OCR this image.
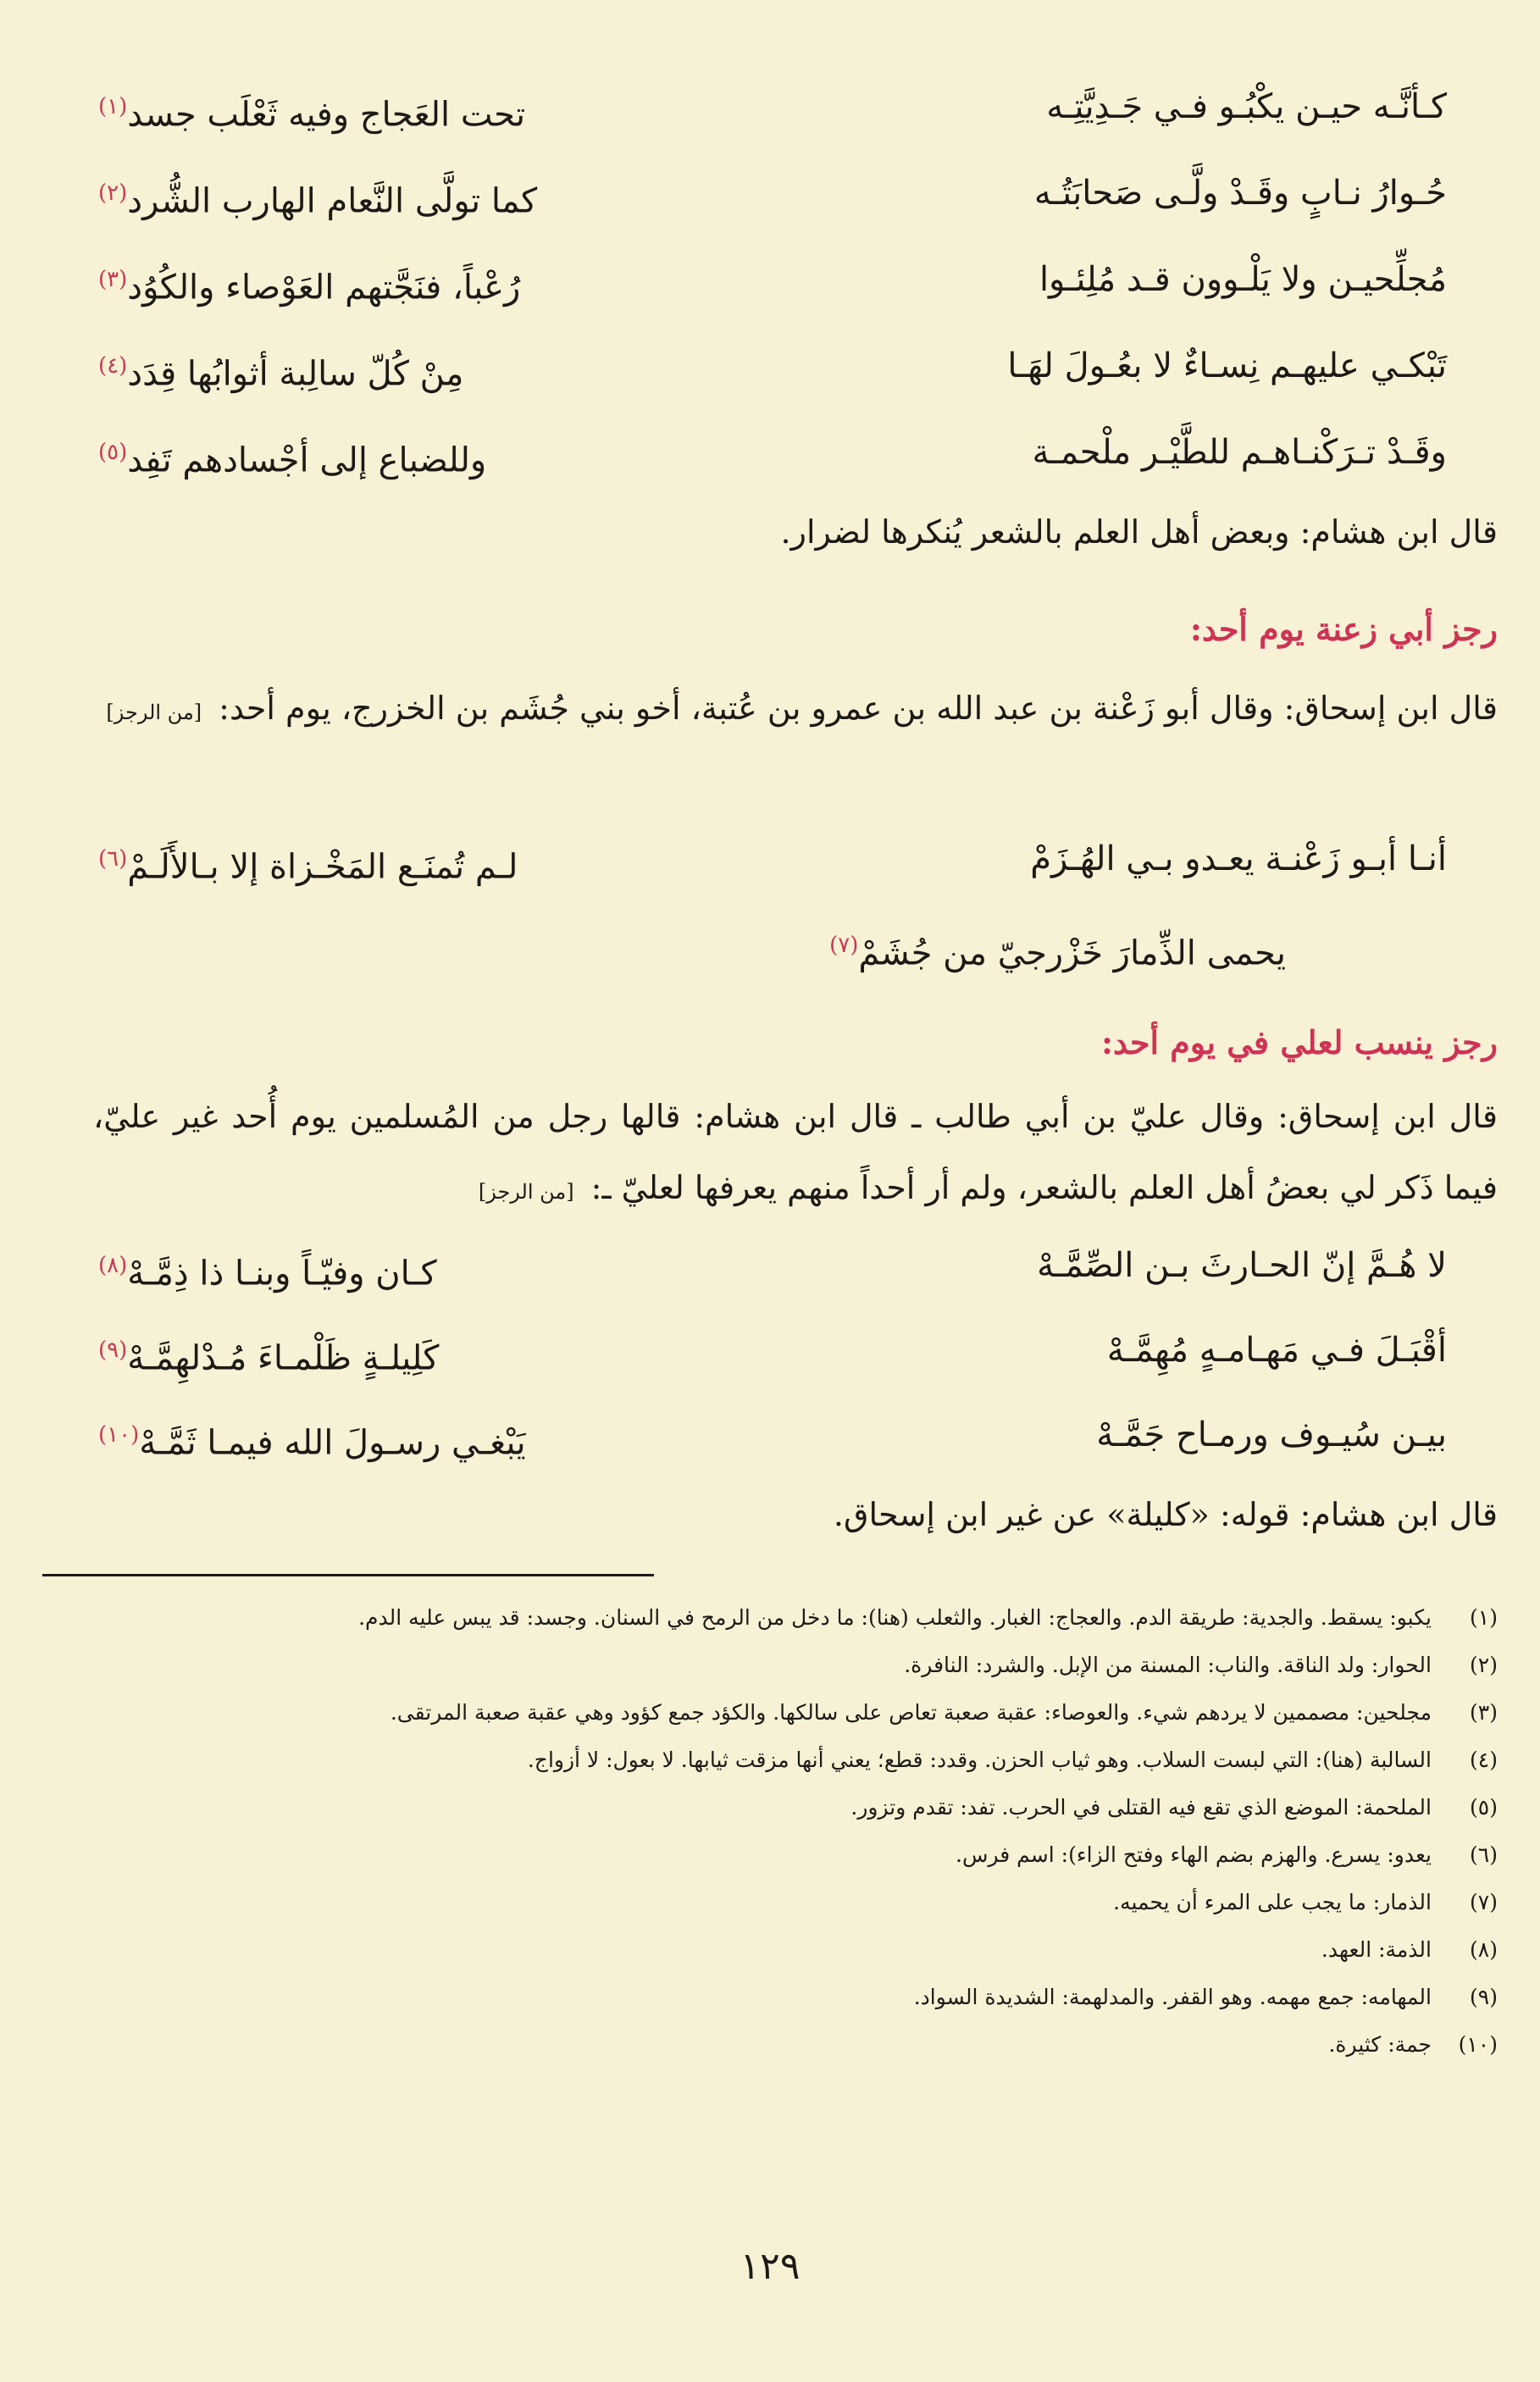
كـأنَّـه حيـن يكْبُـو فـي جَـدِيَّتِـه
تحت العَجاج وفيه ثَعْلَب جسد$^{(١)}$
حُـوارُ نـابٍ وقَـدْ ولَّـى صَحابَتُـه
كما تولَّى النَّعام الهارب الشُّرد$^{(٢)}$
مُجلِّحيـن ولا يَلْـوون قـد مُلِئـوا
رُعْباً، فنَجَّتهم العَوْصاء والكُوُد$^{(٣)}$
تَبْكـي عليهـم نِسـاءٌ لا بعُـولَ لهَـا
مِنْ كُلّ سالِبة أثوابُها قِدَد$^{(٤)}$
وقَـدْ تـرَكْنـاهـم للطَّيْـر ملْحمـة
وللضباع إلى أجْسادهم تَفِد$^{(٥)}$
قال ابن هشام: وبعض أهل العلم بالشعر يُنكرها لضرار.
رجز أبي زعنة يوم أحد:
قال ابن إسحاق: وقال أبو زَعْنة بن عبد الله بن عمرو بن عُتبة، أخو بني جُشَم بن الخزرج، يوم أحد:[من الرجز]
أنـا أبـو زَعْنـة يعـدو بـي الهُـزَمْ
لـم تُمنَـع المَخْـزاة إلا بـالأَلَـمْ$^{(٦)}$
يحمى الذِّمارَ خَزْرجيّ من جُشَمْ$^{(٧)}$
رجز ينسب لعلي في يوم أحد:
قال ابن إسحاق: وقال عليّ بن أبي طالب ـ قال ابن هشام: قالها رجل من المُسلمين يوم أُحد غير عليّ، فيما ذَكر لي بعضُ أهل العلم بالشعر، ولم أر أحداً منهم يعرفها لعليّ ـ:[من الرجز]
لا هُـمَّ إنّ الحـارثَ بـن الصِّمَّـهْ
كـان وفيّـاً وبنـا ذا ذِمَّـهْ$^{(٨)}$
أقْبَـلَ فـي مَهـامـهٍ مُهِمَّـهْ
كَلِيلـةٍ ظَلْمـاءَ مُـدْلهِمَّـهْ$^{(٩)}$
بيـن سُيـوف ورمـاح جَمَّـهْ
يَبْغـي رسـولَ الله فيمـا ثَمَّـهْ$^{(١٠)}$
قال ابن هشام: قوله: «كليلة» عن غير ابن إسحاق.
(١)
يكبو: يسقط. والجدية: طريقة الدم. والعجاج: الغبار. والثعلب (هنا): ما دخل من الرمح في السنان. وجسد: قد يبس عليه الدم.
(٢)
الحوار: ولد الناقة. والناب: المسنة من الإبل. والشرد: النافرة.
(٣)
مجلحين: مصممين لا يردهم شيء. والعوصاء: عقبة صعبة تعاص على سالكها. والكؤد جمع كؤود وهي عقبة صعبة المرتقى.
(٤)
السالبة (هنا): التي لبست السلاب. وهو ثياب الحزن. وقدد: قطع؛ يعني أنها مزقت ثيابها. لا بعول: لا أزواج.
(٥)
الملحمة: الموضع الذي تقع فيه القتلى في الحرب. تفد: تقدم وتزور.
(٦)
يعدو: يسرع. والهزم بضم الهاء وفتح الزاء): اسم فرس.
(٧)
الذمار: ما يجب على المرء أن يحميه.
(٨)
الذمة: العهد.
(٩)
المهامه: جمع مهمه. وهو القفر. والمدلهمة: الشديدة السواد.
(١٠)
جمة: كثيرة.
١٢٩
